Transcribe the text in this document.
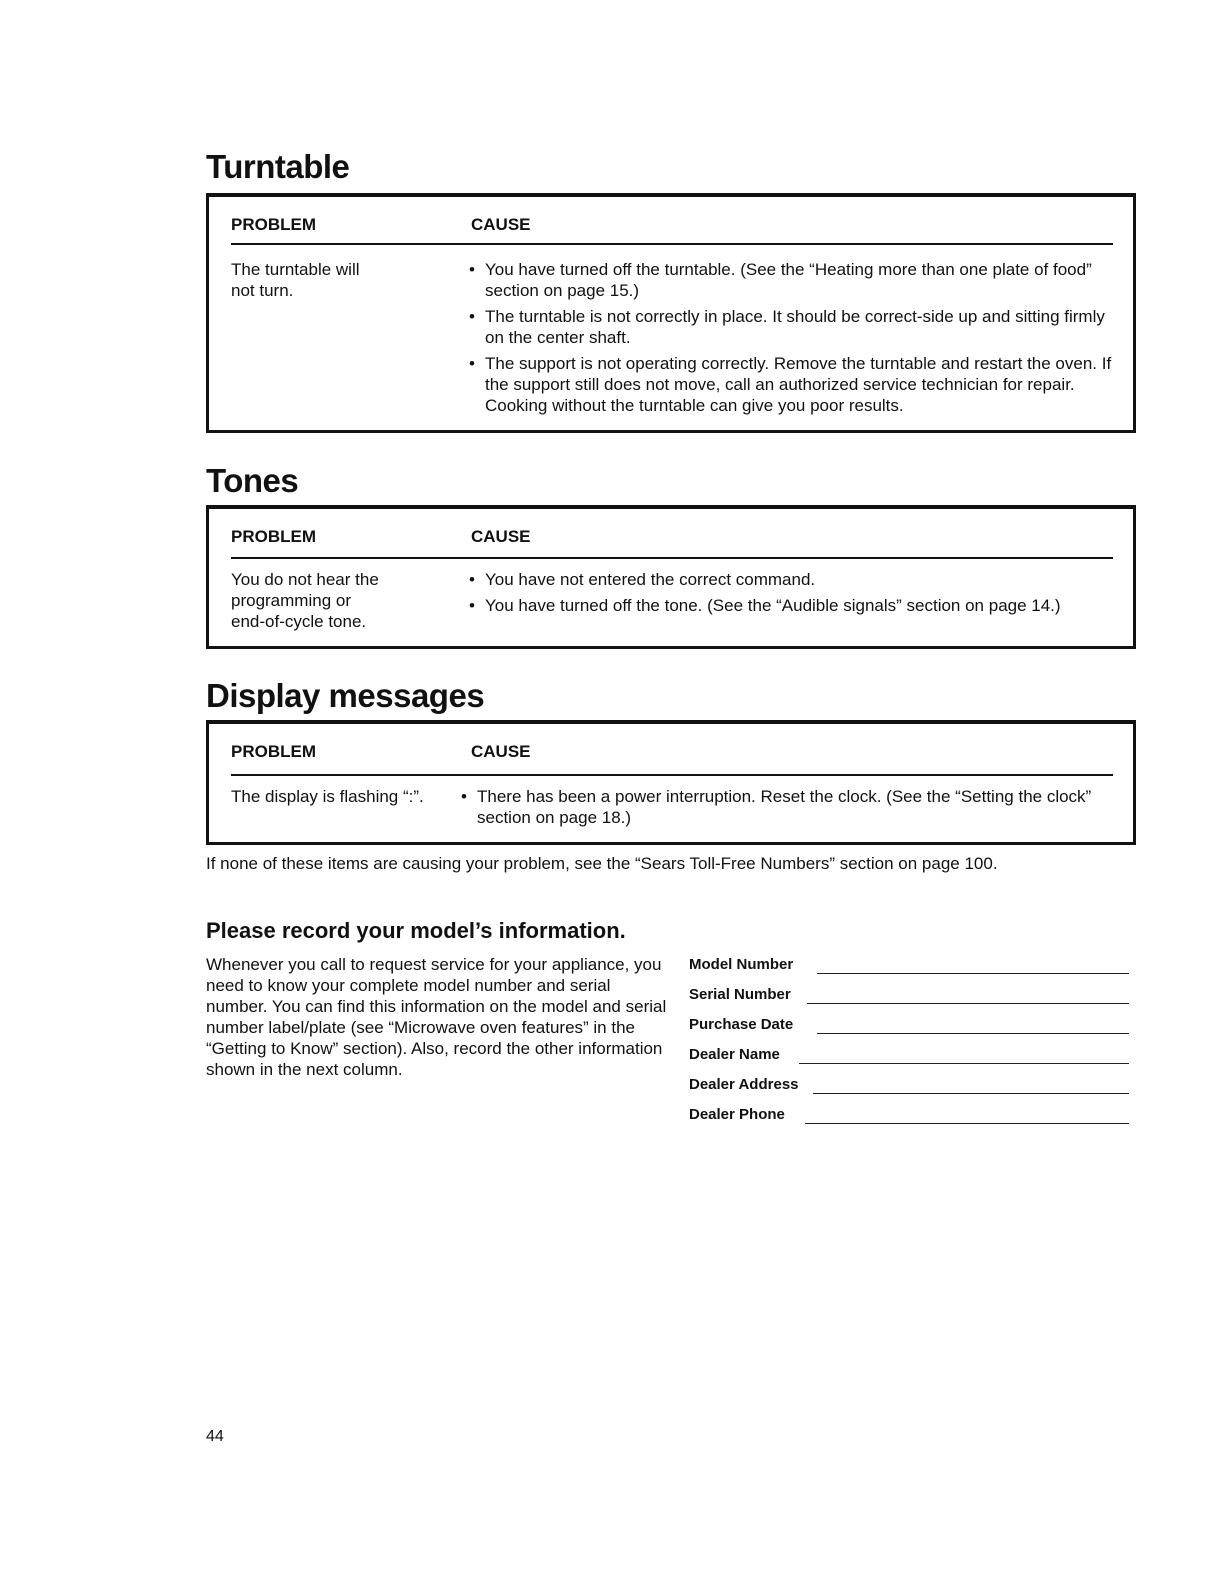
Turntable
PROBLEM	CAUSE
The turntable will
not turn.
• You have turned off the turntable. (See the “Heating more than one plate of food” section on page 15.)
• The turntable is not correctly in place. It should be correct-side up and sitting firmly on the center shaft.
• The support is not operating correctly. Remove the turntable and restart the oven. If the support still does not move, call an authorized service technician for repair. Cooking without the turntable can give you poor results.
Tones
PROBLEM	CAUSE
You do not hear the
programming or
end-of-cycle tone.
• You have not entered the correct command.
• You have turned off the tone. (See the “Audible signals” section on page 14.)
Display messages
PROBLEM	CAUSE
The display is flashing “:”.
•	There has been a power interruption. Reset the clock. (See the “Setting the clock” section on page 18.)
If none of these items are causing your problem, see the “Sears Toll-Free Numbers” section on page 100.
Please record your model’s information.
Whenever you call to request service for your appliance, you need to know your complete model number and serial number. You can find this information on the model and serial number label/plate (see “Microwave oven features” in the “Getting to Know” section). Also, record the other information shown in the next column.
Model Number
Serial Number
Purchase Date
Dealer Name
Dealer Address
Dealer Phone
44
